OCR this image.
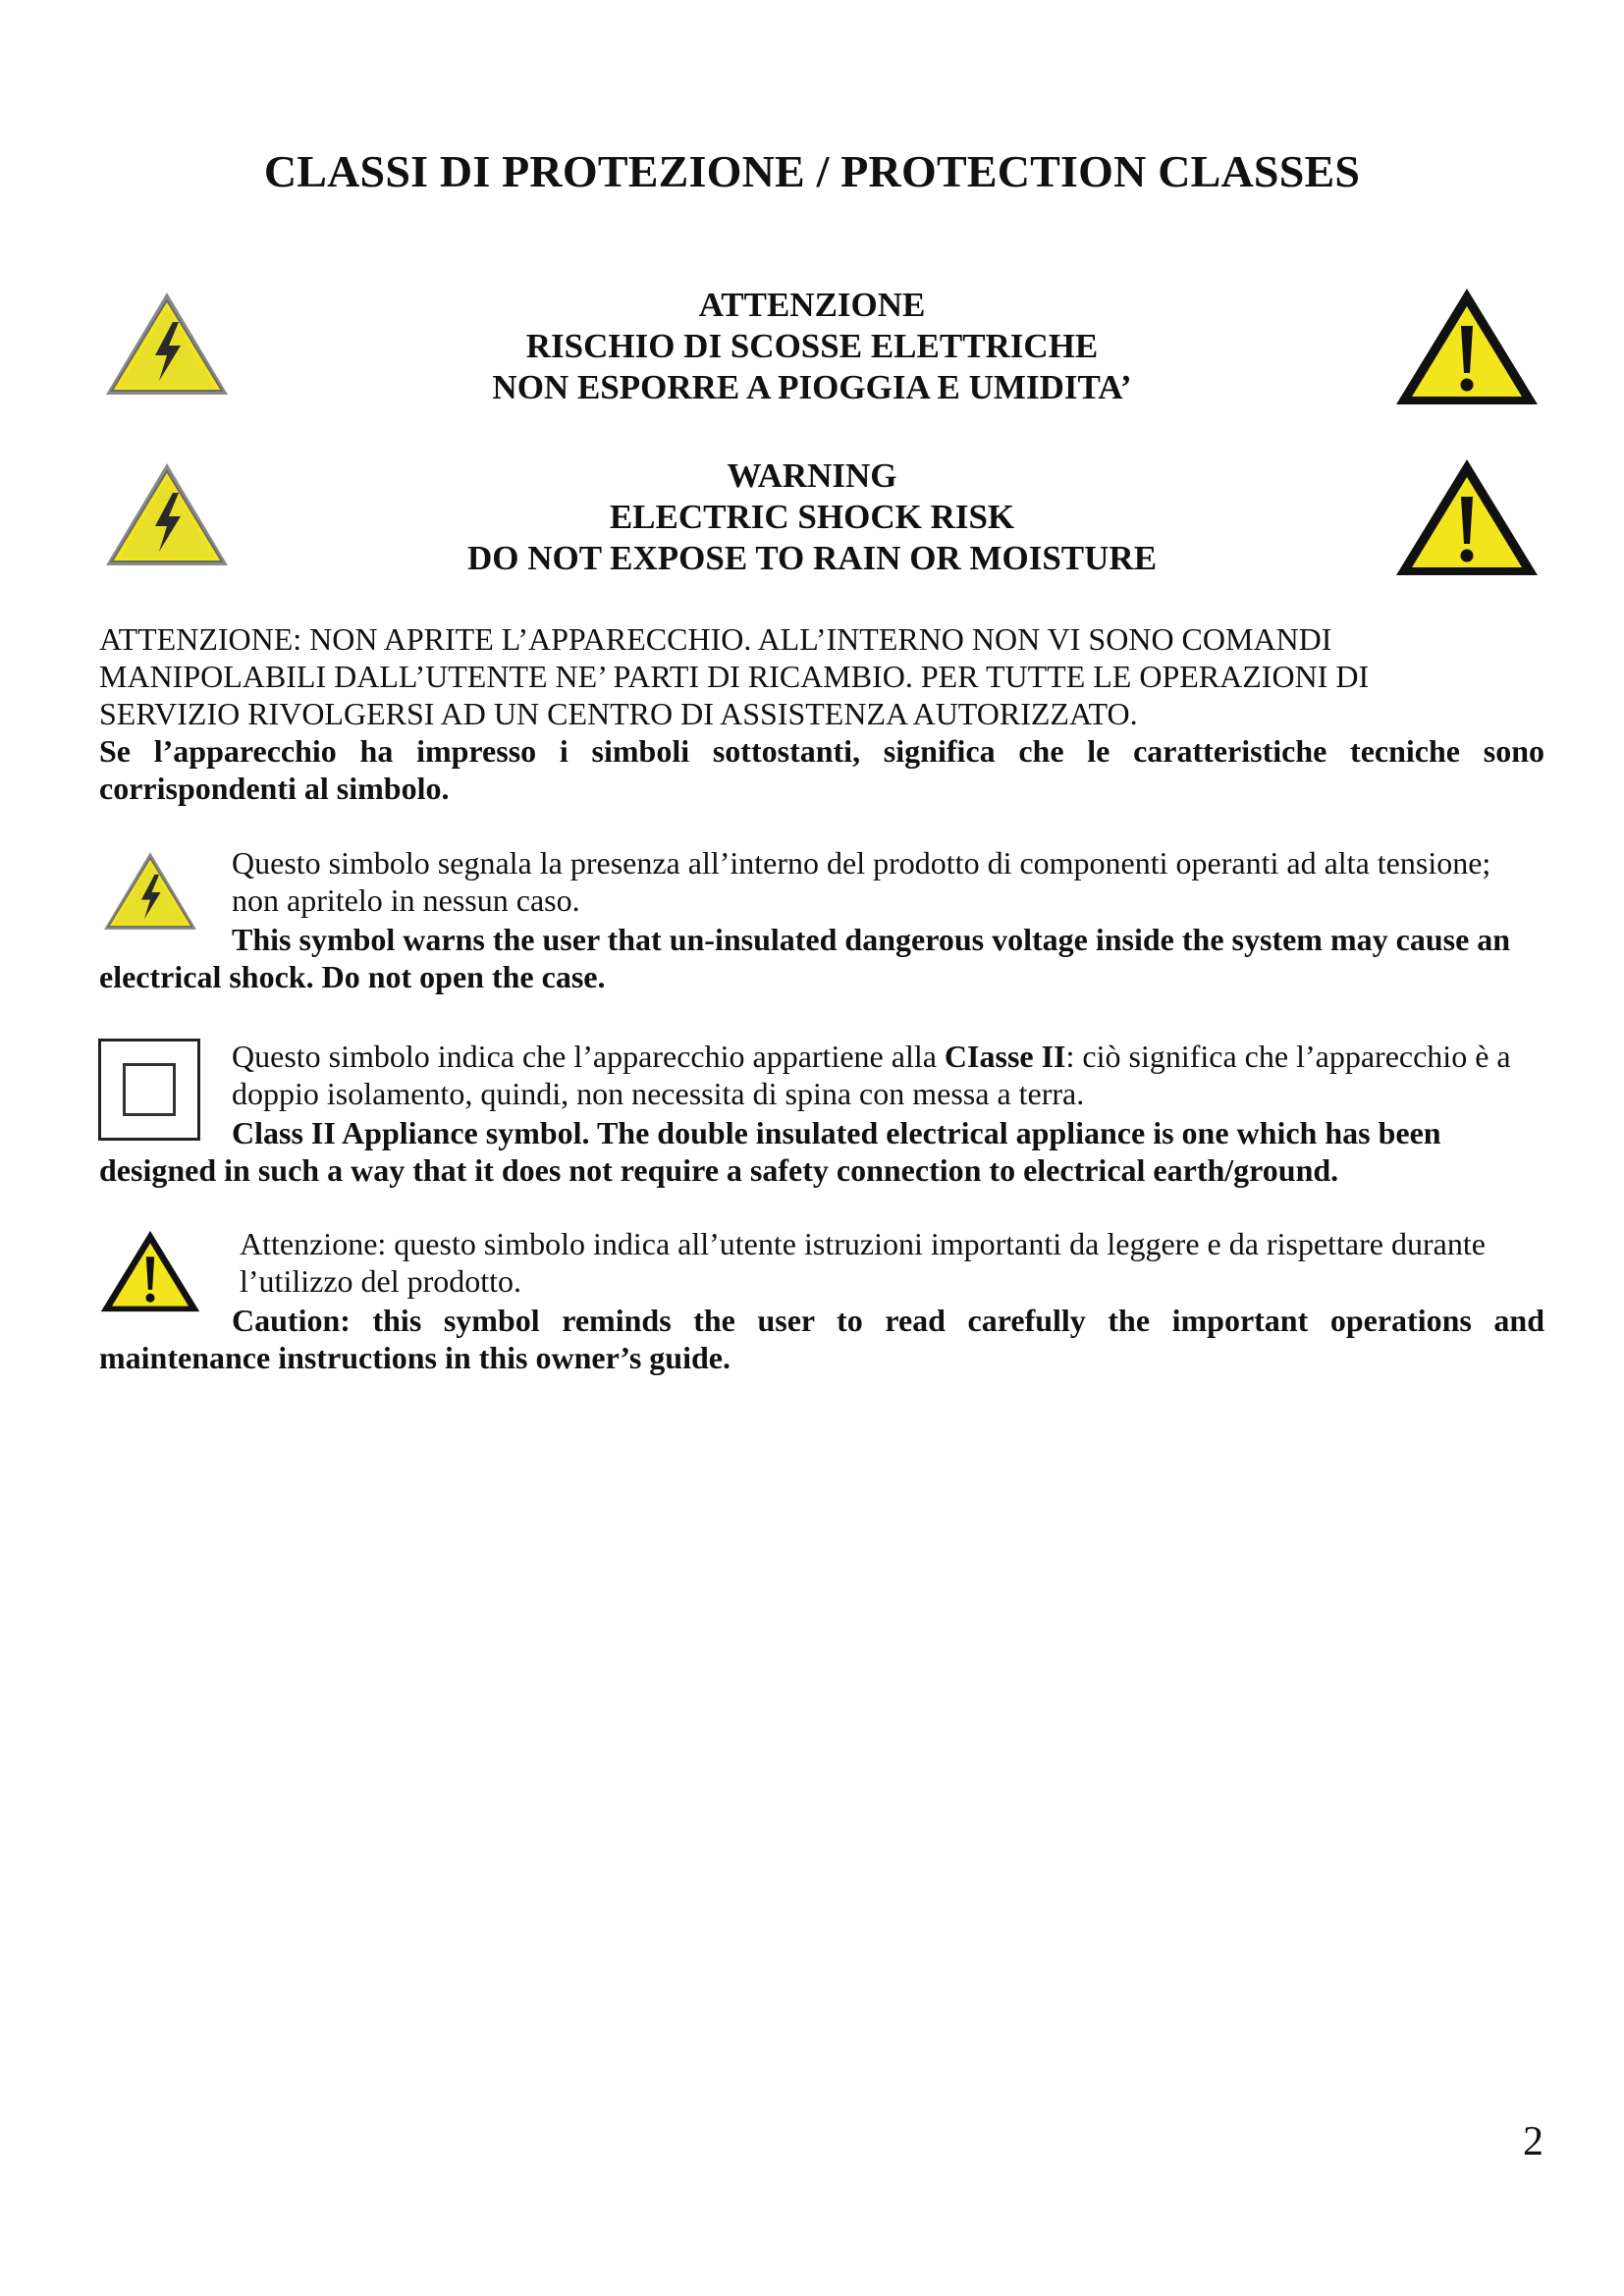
CLASSI DI PROTEZIONE / PROTECTION CLASSES
ATTENZIONE
RISCHIO DI SCOSSE ELETTRICHE
NON ESPORRE A PIOGGIA E UMIDITA’
WARNING
ELECTRIC SHOCK RISK
DO NOT EXPOSE TO RAIN OR MOISTURE
ATTENZIONE: NON APRITE L’APPARECCHIO. ALL’INTERNO NON VI SONO COMANDI
MANIPOLABILI DALL’UTENTE NE’ PARTI DI RICAMBIO. PER TUTTE LE OPERAZIONI DI
SERVIZIO RIVOLGERSI AD UN CENTRO DI ASSISTENZA AUTORIZZATO.
Se l’apparecchio ha impresso i simboli sottostanti, significa che le caratteristiche tecniche sono corrispondenti al simbolo.
Questo simbolo segnala la presenza all’interno del prodotto di componenti operanti ad alta tensione; non apritelo in nessun caso.
This symbol warns the user that un-insulated dangerous voltage inside the system may cause an electrical shock. Do not open the case.
Questo simbolo indica che l’apparecchio appartiene alla CIasse II: ciò significa che l’apparecchio è a doppio isolamento, quindi, non necessita di spina con messa a terra.
Class II Appliance symbol. The double insulated electrical appliance is one which has been designed in such a way that it does not require a safety connection to electrical earth/ground.
Attenzione: questo simbolo indica all’utente istruzioni importanti da leggere e da rispettare durante l’utilizzo del prodotto.
Caution: this symbol reminds the user to read carefully the important operations and maintenance instructions in this owner’s guide.
2
